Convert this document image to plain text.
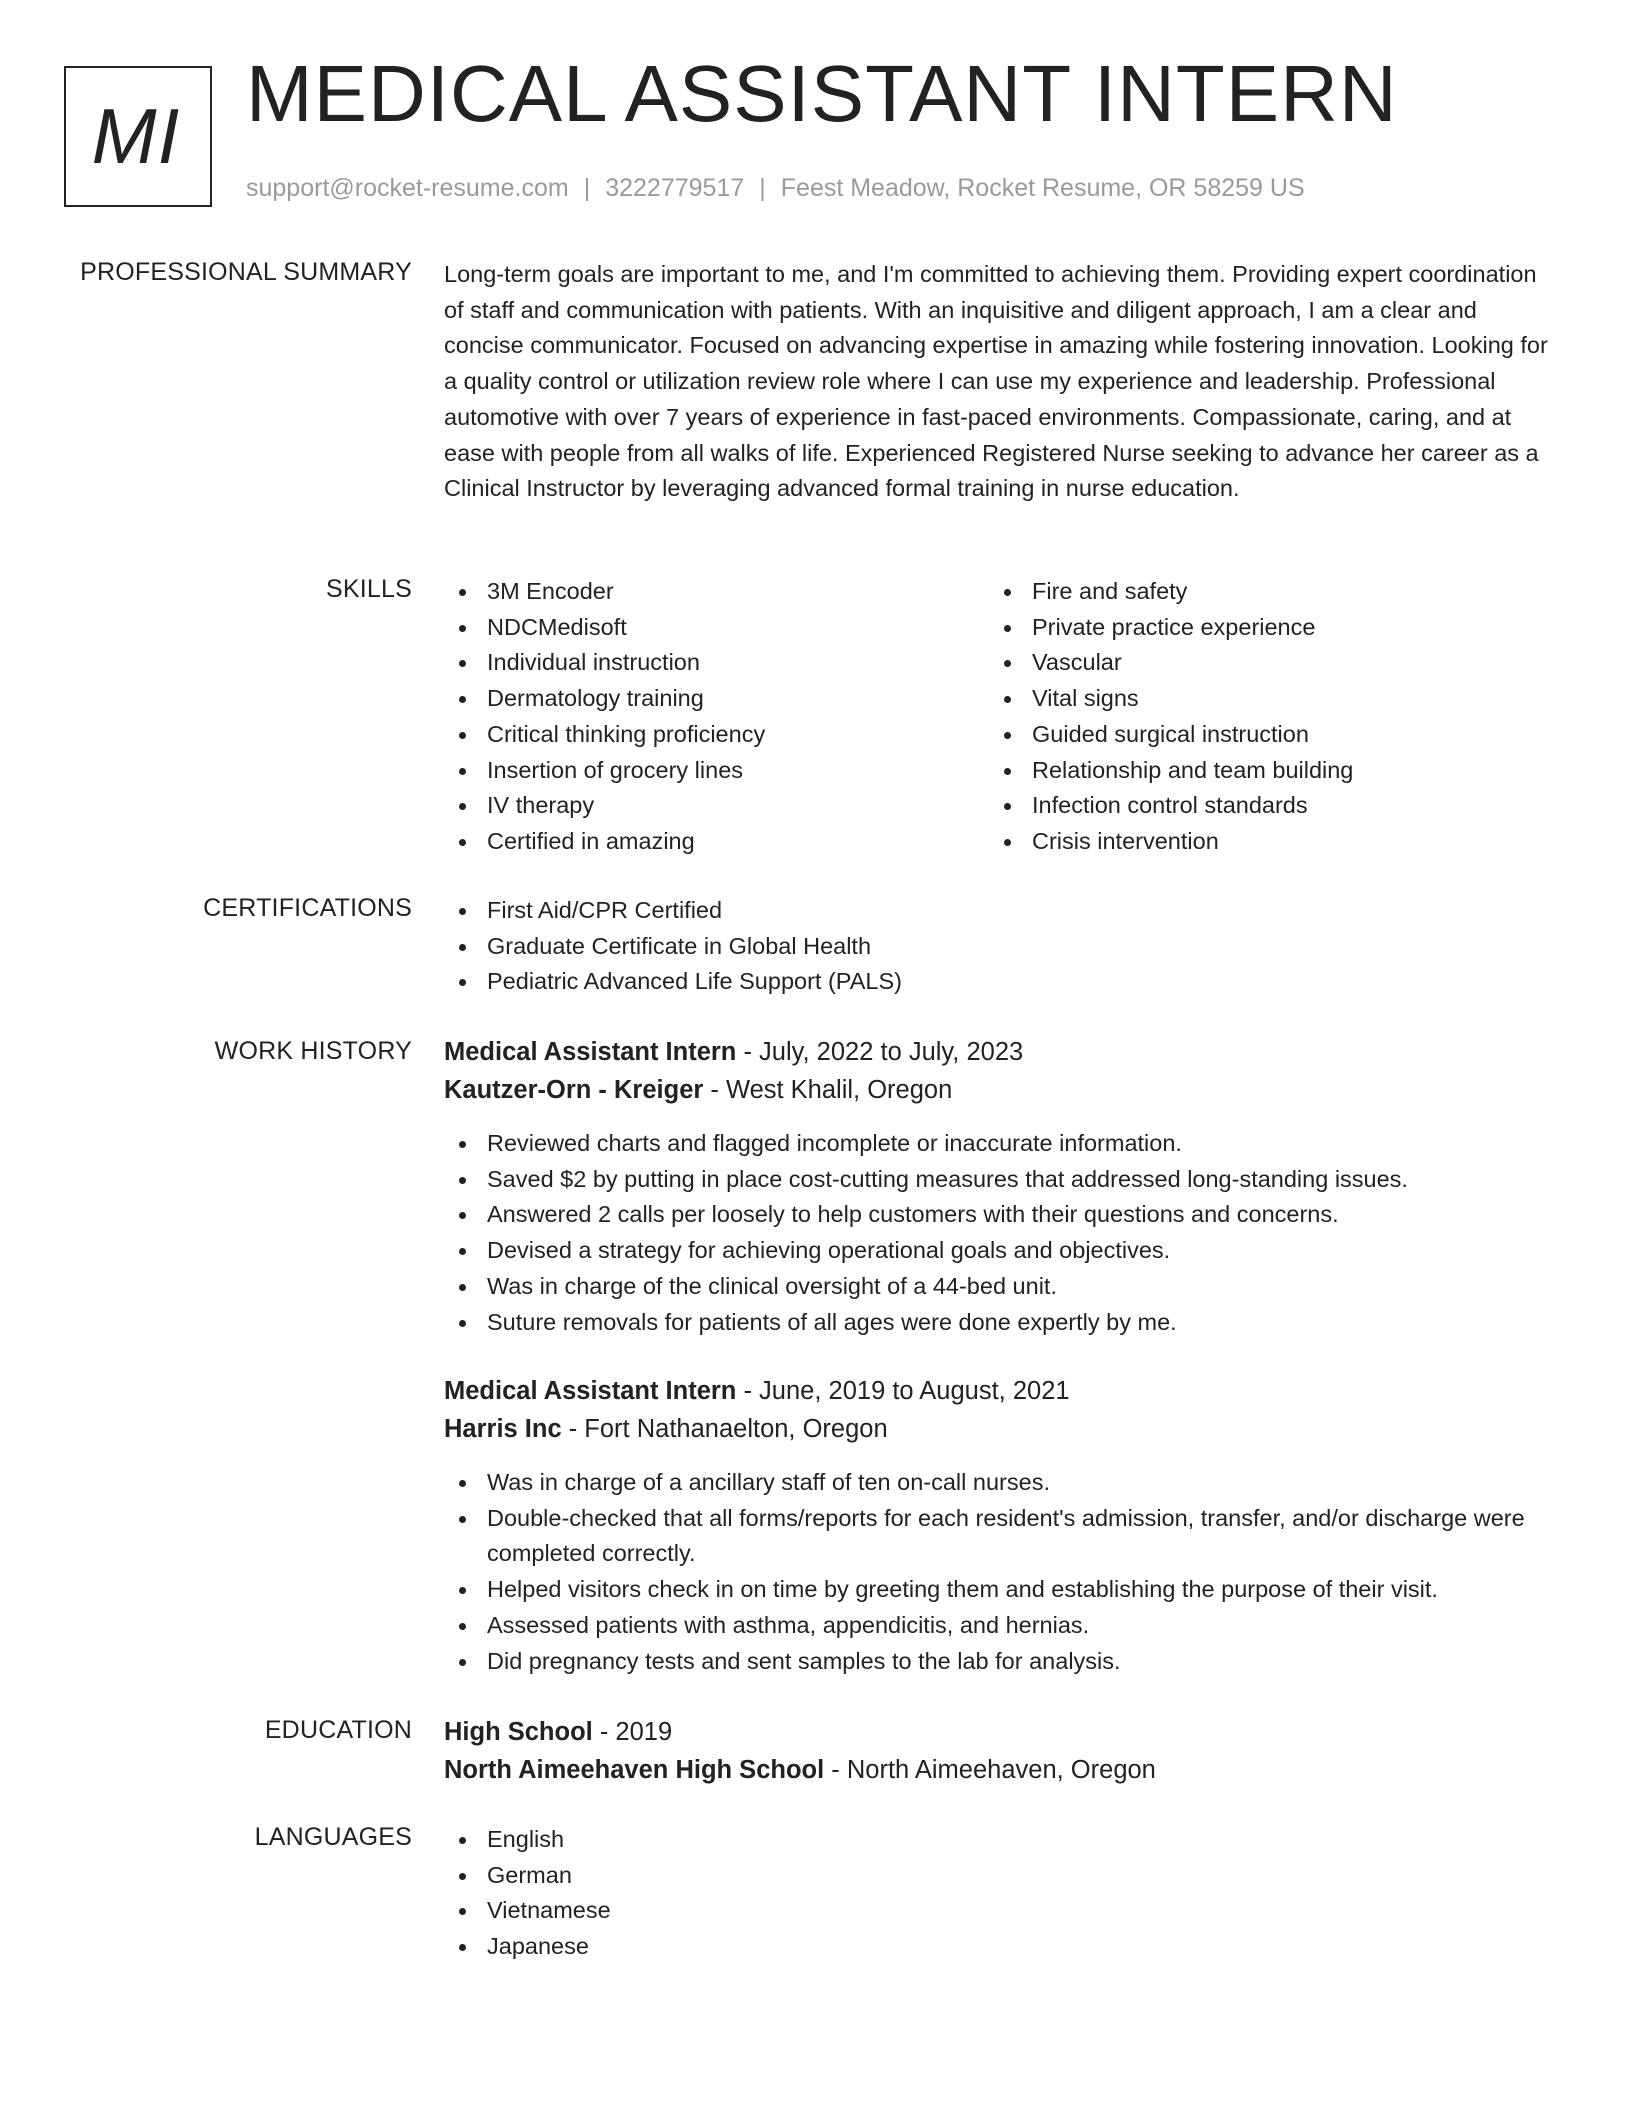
MI MEDICAL ASSISTANT INTERN
support@rocket-resume.com | 3222779517 | Feest Meadow, Rocket Resume, OR 58259 US
PROFESSIONAL SUMMARY Long-term goals are important to me, and I'm committed to achieving them. Providing expert coordination of staff and communication with patients. With an inquisitive and diligent approach, I am a clear and concise communicator. Focused on advancing expertise in amazing while fostering innovation. Looking for a quality control or utilization review role where I can use my experience and leadership. Professional automotive with over 7 years of experience in fast-paced environments. Compassionate, caring, and at ease with people from all walks of life. Experienced Registered Nurse seeking to advance her career as a Clinical Instructor by leveraging advanced formal training in nurse education.

SKILLS	3M Encoder
NDCMedisoft
Individual instruction
Dermatology training
Critical thinking proficiency
Insertion of grocery lines
IV therapy
Certified in amazing
Fire and safety
Private practice experience
Vascular
Vital signs
Guided surgical instruction
Relationship and team building
Infection control standards
Crisis intervention
CERTIFICATIONS	First Aid/CPR Certified
Graduate Certificate in Global Health
Pediatric Advanced Life Support (PALS)
WORK HISTORY Medical Assistant Intern - July, 2022 to July, 2023
Kautzer-Orn - Kreiger - West Khalil, Oregon
Reviewed charts and flagged incomplete or inaccurate information.
Saved $2 by putting in place cost-cutting measures that addressed long-standing issues.
Answered 2 calls per loosely to help customers with their questions and concerns.
Devised a strategy for achieving operational goals and objectives.
Was in charge of the clinical oversight of a 44-bed unit.
Suture removals for patients of all ages were done expertly by me.
Medical Assistant Intern - June, 2019 to August, 2021
Harris Inc - Fort Nathanaelton, Oregon
Was in charge of a ancillary staff of ten on-call nurses.
Double-checked that all forms/reports for each resident's admission, transfer, and/or discharge were completed correctly.
Helped visitors check in on time by greeting them and establishing the purpose of their visit.
Assessed patients with asthma, appendicitis, and hernias.
Did pregnancy tests and sent samples to the lab for analysis.
EDUCATION High School - 2019
North Aimeehaven High School - North Aimeehaven, Oregon
LANGUAGES	English
German
Vietnamese
Japanese
